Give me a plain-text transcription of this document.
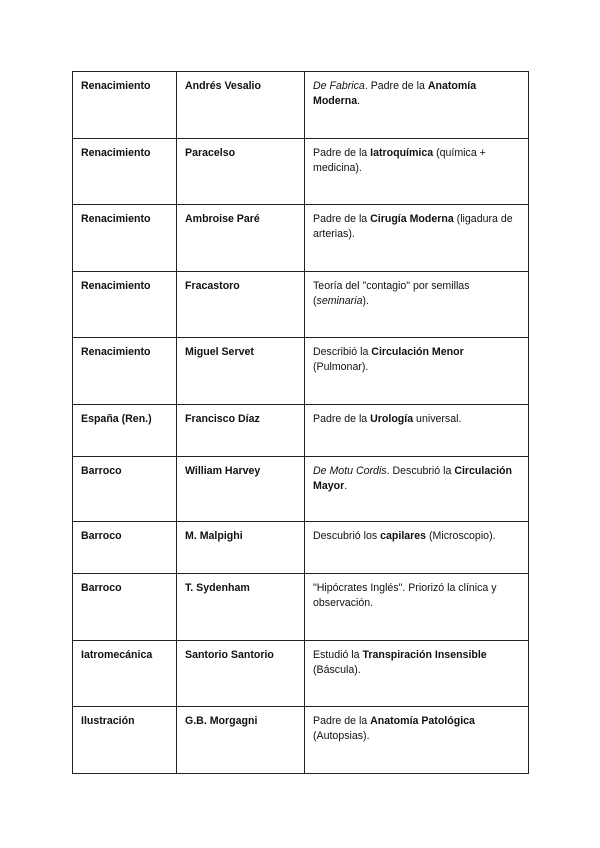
Renacimiento	Andrés Vesalio	De Fabrica. Padre de la Anatomía Moderna.
Renacimiento	Paracelso	Padre de la Iatroquímica (química + medicina).
Renacimiento	Ambroise Paré	Padre de la Cirugía Moderna (ligadura de arterias).
Renacimiento	Fracastoro	Teoría del "contagio" por semillas (seminaria).
Renacimiento	Miguel Servet	Describió la Circulación Menor (Pulmonar).
España (Ren.)	Francisco Díaz	Padre de la Urología universal.
Barroco	William Harvey	De Motu Cordis. Descubrió la Circulación Mayor.
Barroco	M. Malpighi	Descubrió los capilares (Microscopio).
Barroco	T. Sydenham	"Hipócrates Inglés". Priorizó la clínica y observación.
Iatromecánica	Santorio Santorio	Estudió la Transpiración Insensible (Báscula).
Ilustración	G.B. Morgagni	Padre de la Anatomía Patológica (Autopsias).
